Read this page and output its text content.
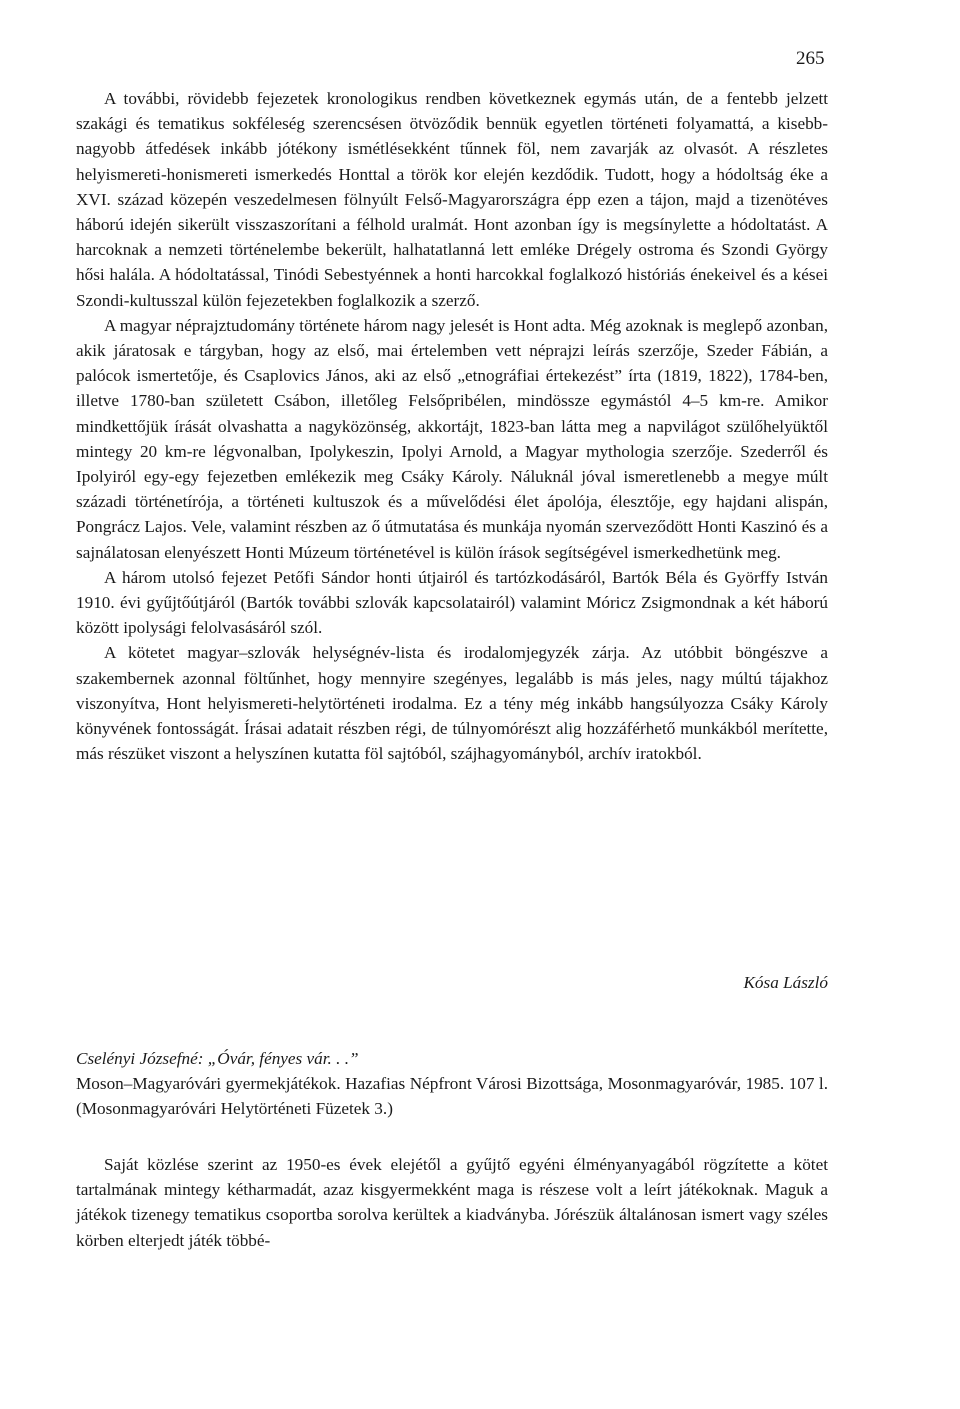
265

A további, rövidebb fejezetek kronologikus rendben következnek egymás után, de a fentebb jelzett szakági és tematikus sokféleség szerencsésen ötvöződik bennük egyetlen történeti folyamattá, a kisebb-nagyobb átfedések inkább jótékony ismétlésekként tűnnek föl, nem zavarják az olvasót. A részletes helyismereti-honismereti ismerkedés Honttal a török kor elején kezdődik. Tudott, hogy a hódoltság éke a XVI. század közepén veszedelmesen fölnyúlt Felső-Magyarországra épp ezen a tájon, majd a tizenötéves háború idején sikerült visszaszorítani a félhold uralmát. Hont azonban így is megsínylette a hódoltatást. A harcoknak a nemzeti történelembe bekerült, halhatatlanná lett emléke Drégely ostroma és Szondi György hősi halála. A hódoltatással, Tinódi Sebestyénnek a honti harcokkal foglalkozó históriás énekeivel és a kései Szondi-kultusszal külön fejezetekben foglalkozik a szerző.

A magyar néprajztudomány története három nagy jelesét is Hont adta. Még azoknak is meglepő azonban, akik járatosak e tárgyban, hogy az első, mai értelemben vett néprajzi leírás szerzője, Szeder Fábián, a palócok ismertetője, és Csaplovics János, aki az első „etnográfiai értekezést” írta (1819, 1822), 1784-ben, illetve 1780-ban született Csábon, illetőleg Felsőpribélen, mindössze egymástól 4–5 km-re. Amikor mindkettőjük írását olvashatta a nagyközönség, akkortájt, 1823-ban látta meg a napvilágot szülőhelyüktől mintegy 20 km-re légvonalban, Ipolykeszin, Ipolyi Arnold, a Magyar mythologia szerzője. Szederről és Ipolyiról egy-egy fejezetben emlékezik meg Csáky Károly. Náluknál jóval ismeretlenebb a megye múlt századi történetírója, a történeti kultuszok és a művelődési élet ápolója, élesztője, egy hajdani alispán, Pongrácz Lajos. Vele, valamint részben az ő útmutatása és munkája nyomán szerveződött Honti Kaszinó és a sajnálatosan elenyészett Honti Múzeum történetével is külön írások segítségével ismerkedhetünk meg.

A három utolsó fejezet Petőfi Sándor honti útjairól és tartózkodásáról, Bartók Béla és Györffy István 1910. évi gyűjtőútjáról (Bartók további szlovák kapcsolatairól) valamint Móricz Zsigmondnak a két háború között ipolysági felolvasásáról szól.

A kötetet magyar–szlovák helységnév-lista és irodalomjegyzék zárja. Az utóbbit böngészve a szakembernek azonnal föltűnhet, hogy mennyire szegényes, legalább is más jeles, nagy múltú tájakhoz viszonyítva, Hont helyismereti-helytörténeti irodalma. Ez a tény még inkább hangsúlyozza Csáky Károly könyvének fontosságát. Írásai adatait részben régi, de túlnyomórészt alig hozzáférhető munkákból merítette, más részüket viszont a helyszínen kutatta föl sajtóból, szájhagyományból, archív iratokból.

Kósa László
Cselényi Józsefné: „Óvár, fényes vár. . .”
Moson–Magyaróvári gyermekjátékok. Hazafias Népfront Városi Bizottsága, Mosonmagyaróvár, 1985. 107 l. (Mosonmagyaróvári Helytörténeti Füzetek 3.)

Saját közlése szerint az 1950-es évek elejétől a gyűjtő egyéni élményanyagából rögzítette a kötet tartalmának mintegy kétharmadát, azaz kisgyermekként maga is részese volt a leírt játékoknak. Maguk a játékok tizenegy tematikus csoportba sorolva kerültek a kiadványba. Jórészük általánosan ismert vagy széles körben elterjedt játék többé-
